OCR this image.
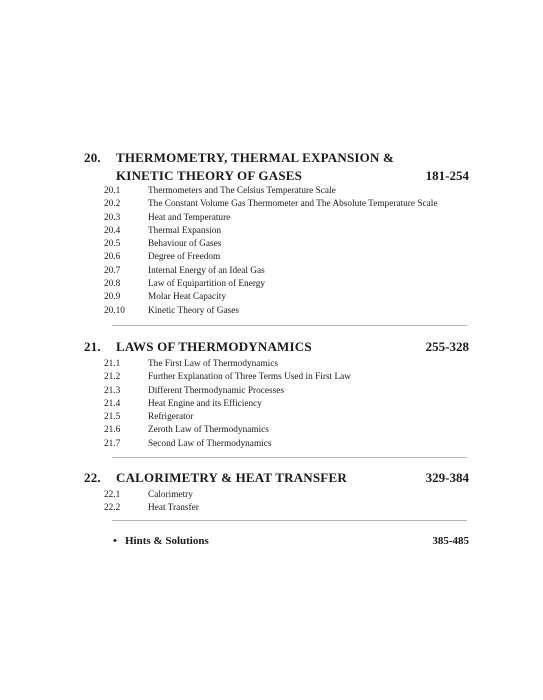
20. THERMOMETRY, THERMAL EXPANSION &
KINETIC THEORY OF GASES	181-254
20.1	Thermometers and The Celsius Temperature Scale
20.2	The Constant Volume Gas Thermometer and The Absolute Temperature Scale
20.3	Heat and Temperature
20.4	Thermal Expansion
20.5	Behaviour of Gases
20.6	Degree of Freedom
20.7	Internal Energy of an Ideal Gas
20.8	Law of Equipartition of Energy
20.9	Molar Heat Capacity
20.10	Kinetic Theory of Gases
21. LAWS OF THERMODYNAMICS	255-328
21.1	The First Law of Thermodynamics
21.2	Further Explanation of Three Terms Used in First Law
21.3	Different Thermodynamic Processes
21.4	Heat Engine and its Efficiency
21.5	Refrigerator
21.6	Zeroth Law of Thermodynamics
21.7	Second Law of Thermodynamics
22. CALORIMETRY & HEAT TRANSFER	329-384
22.1	Calorimetry
22.2	Heat Transfer
• Hints & Solutions	385-485
